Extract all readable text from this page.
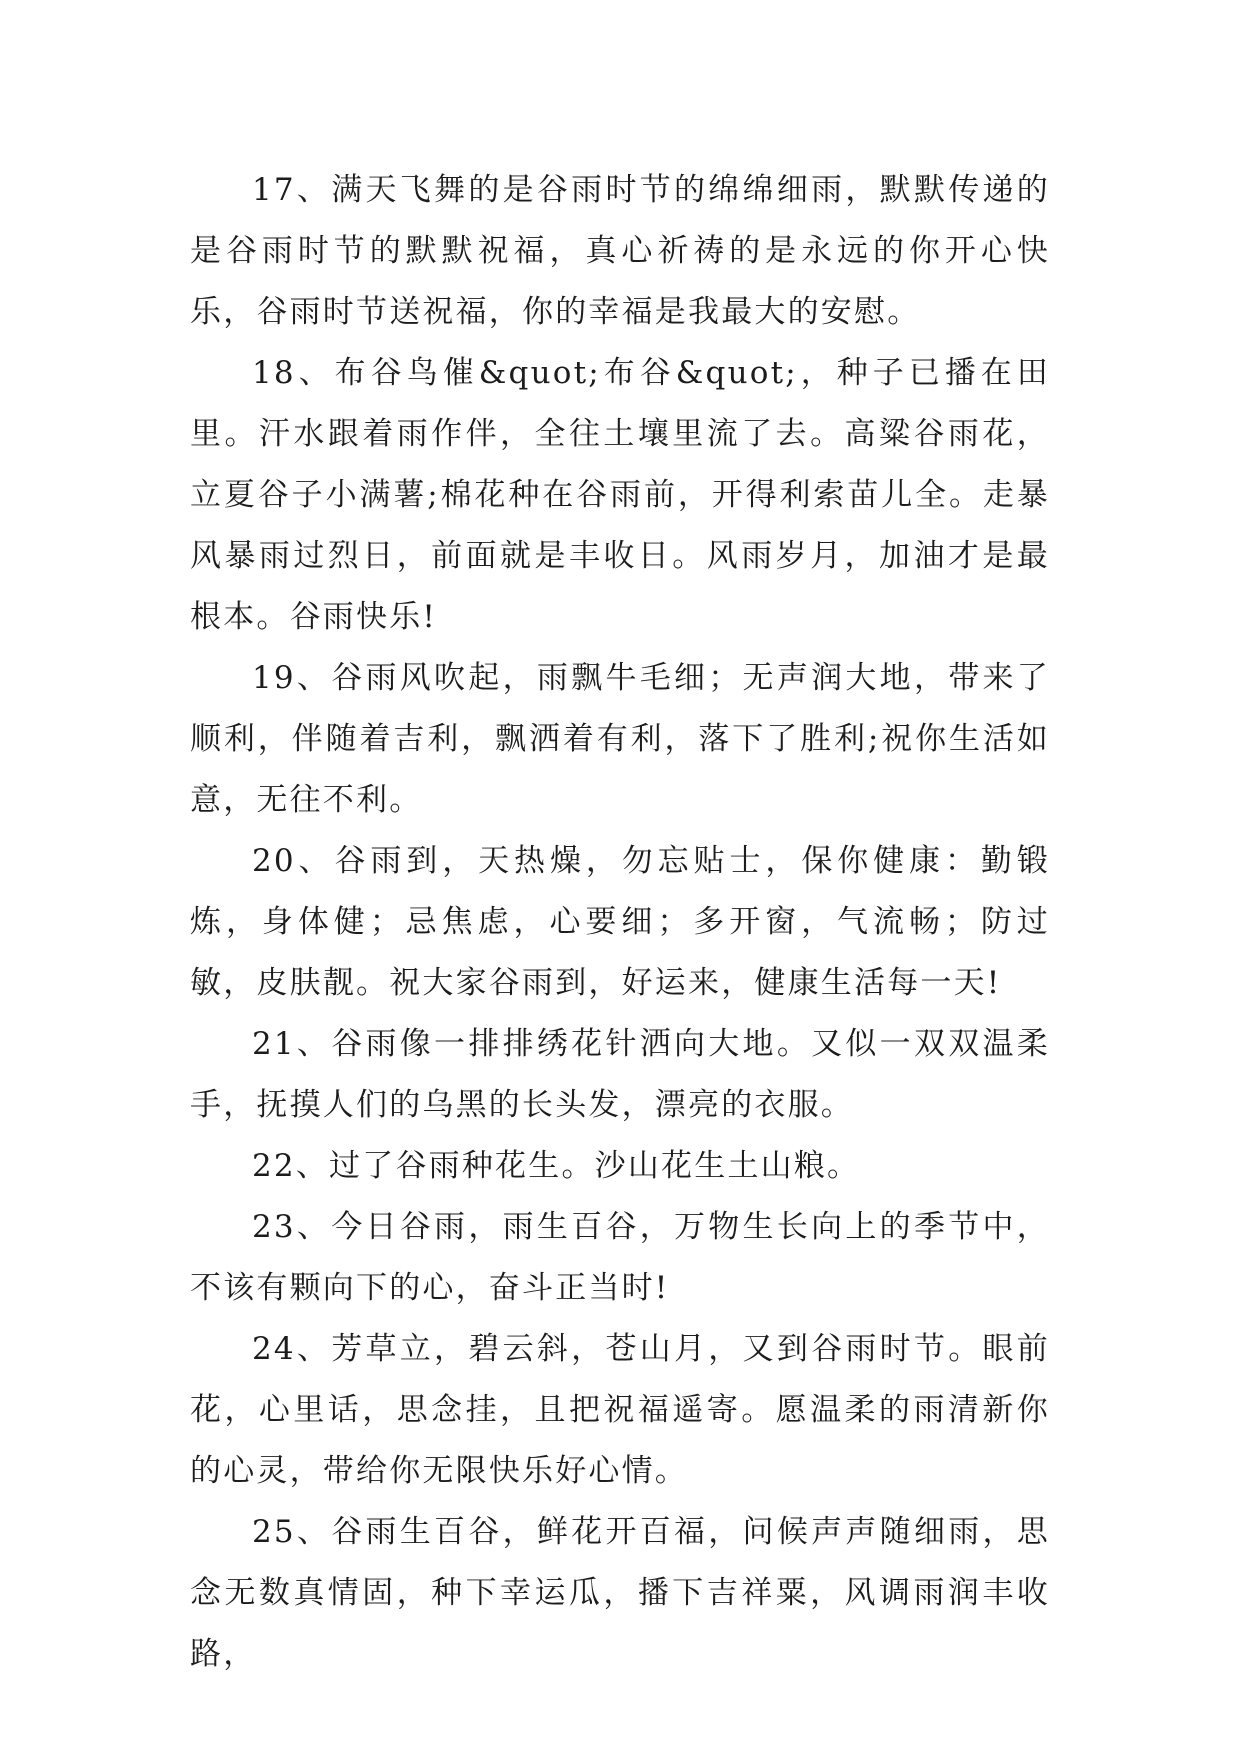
17、满天飞舞的是谷雨时节的绵绵细雨，默默传递的是谷雨时节的默默祝福，真心祈祷的是永远的你开心快乐，谷雨时节送祝福，你的幸福是我最大的安慰。

18、布谷鸟催&quot;布谷&quot;，种子已播在田里。汗水跟着雨作伴，全往土壤里流了去。高粱谷雨花，立夏谷子小满薯;棉花种在谷雨前，开得利索苗儿全。走暴风暴雨过烈日，前面就是丰收日。风雨岁月，加油才是最根本。谷雨快乐!

19、谷雨风吹起，雨飘牛毛细；无声润大地，带来了顺利，伴随着吉利，飘洒着有利，落下了胜利;祝你生活如意，无往不利。

20、谷雨到，天热燥，勿忘贴士，保你健康：勤锻炼，身体健；忌焦虑，心要细；多开窗，气流畅；防过敏，皮肤靓。祝大家谷雨到，好运来，健康生活每一天!

21、谷雨像一排排绣花针洒向大地。又似一双双温柔手，抚摸人们的乌黑的长头发，漂亮的衣服。

22、过了谷雨种花生。沙山花生土山粮。

23、今日谷雨，雨生百谷，万物生长向上的季节中，不该有颗向下的心，奋斗正当时!

24、芳草立，碧云斜，苍山月，又到谷雨时节。眼前花，心里话，思念挂，且把祝福遥寄。愿温柔的雨清新你的心灵，带给你无限快乐好心情。

25、谷雨生百谷，鲜花开百福，问候声声随细雨，思念无数真情固，种下幸运瓜，播下吉祥粟，风调雨润丰收路，
